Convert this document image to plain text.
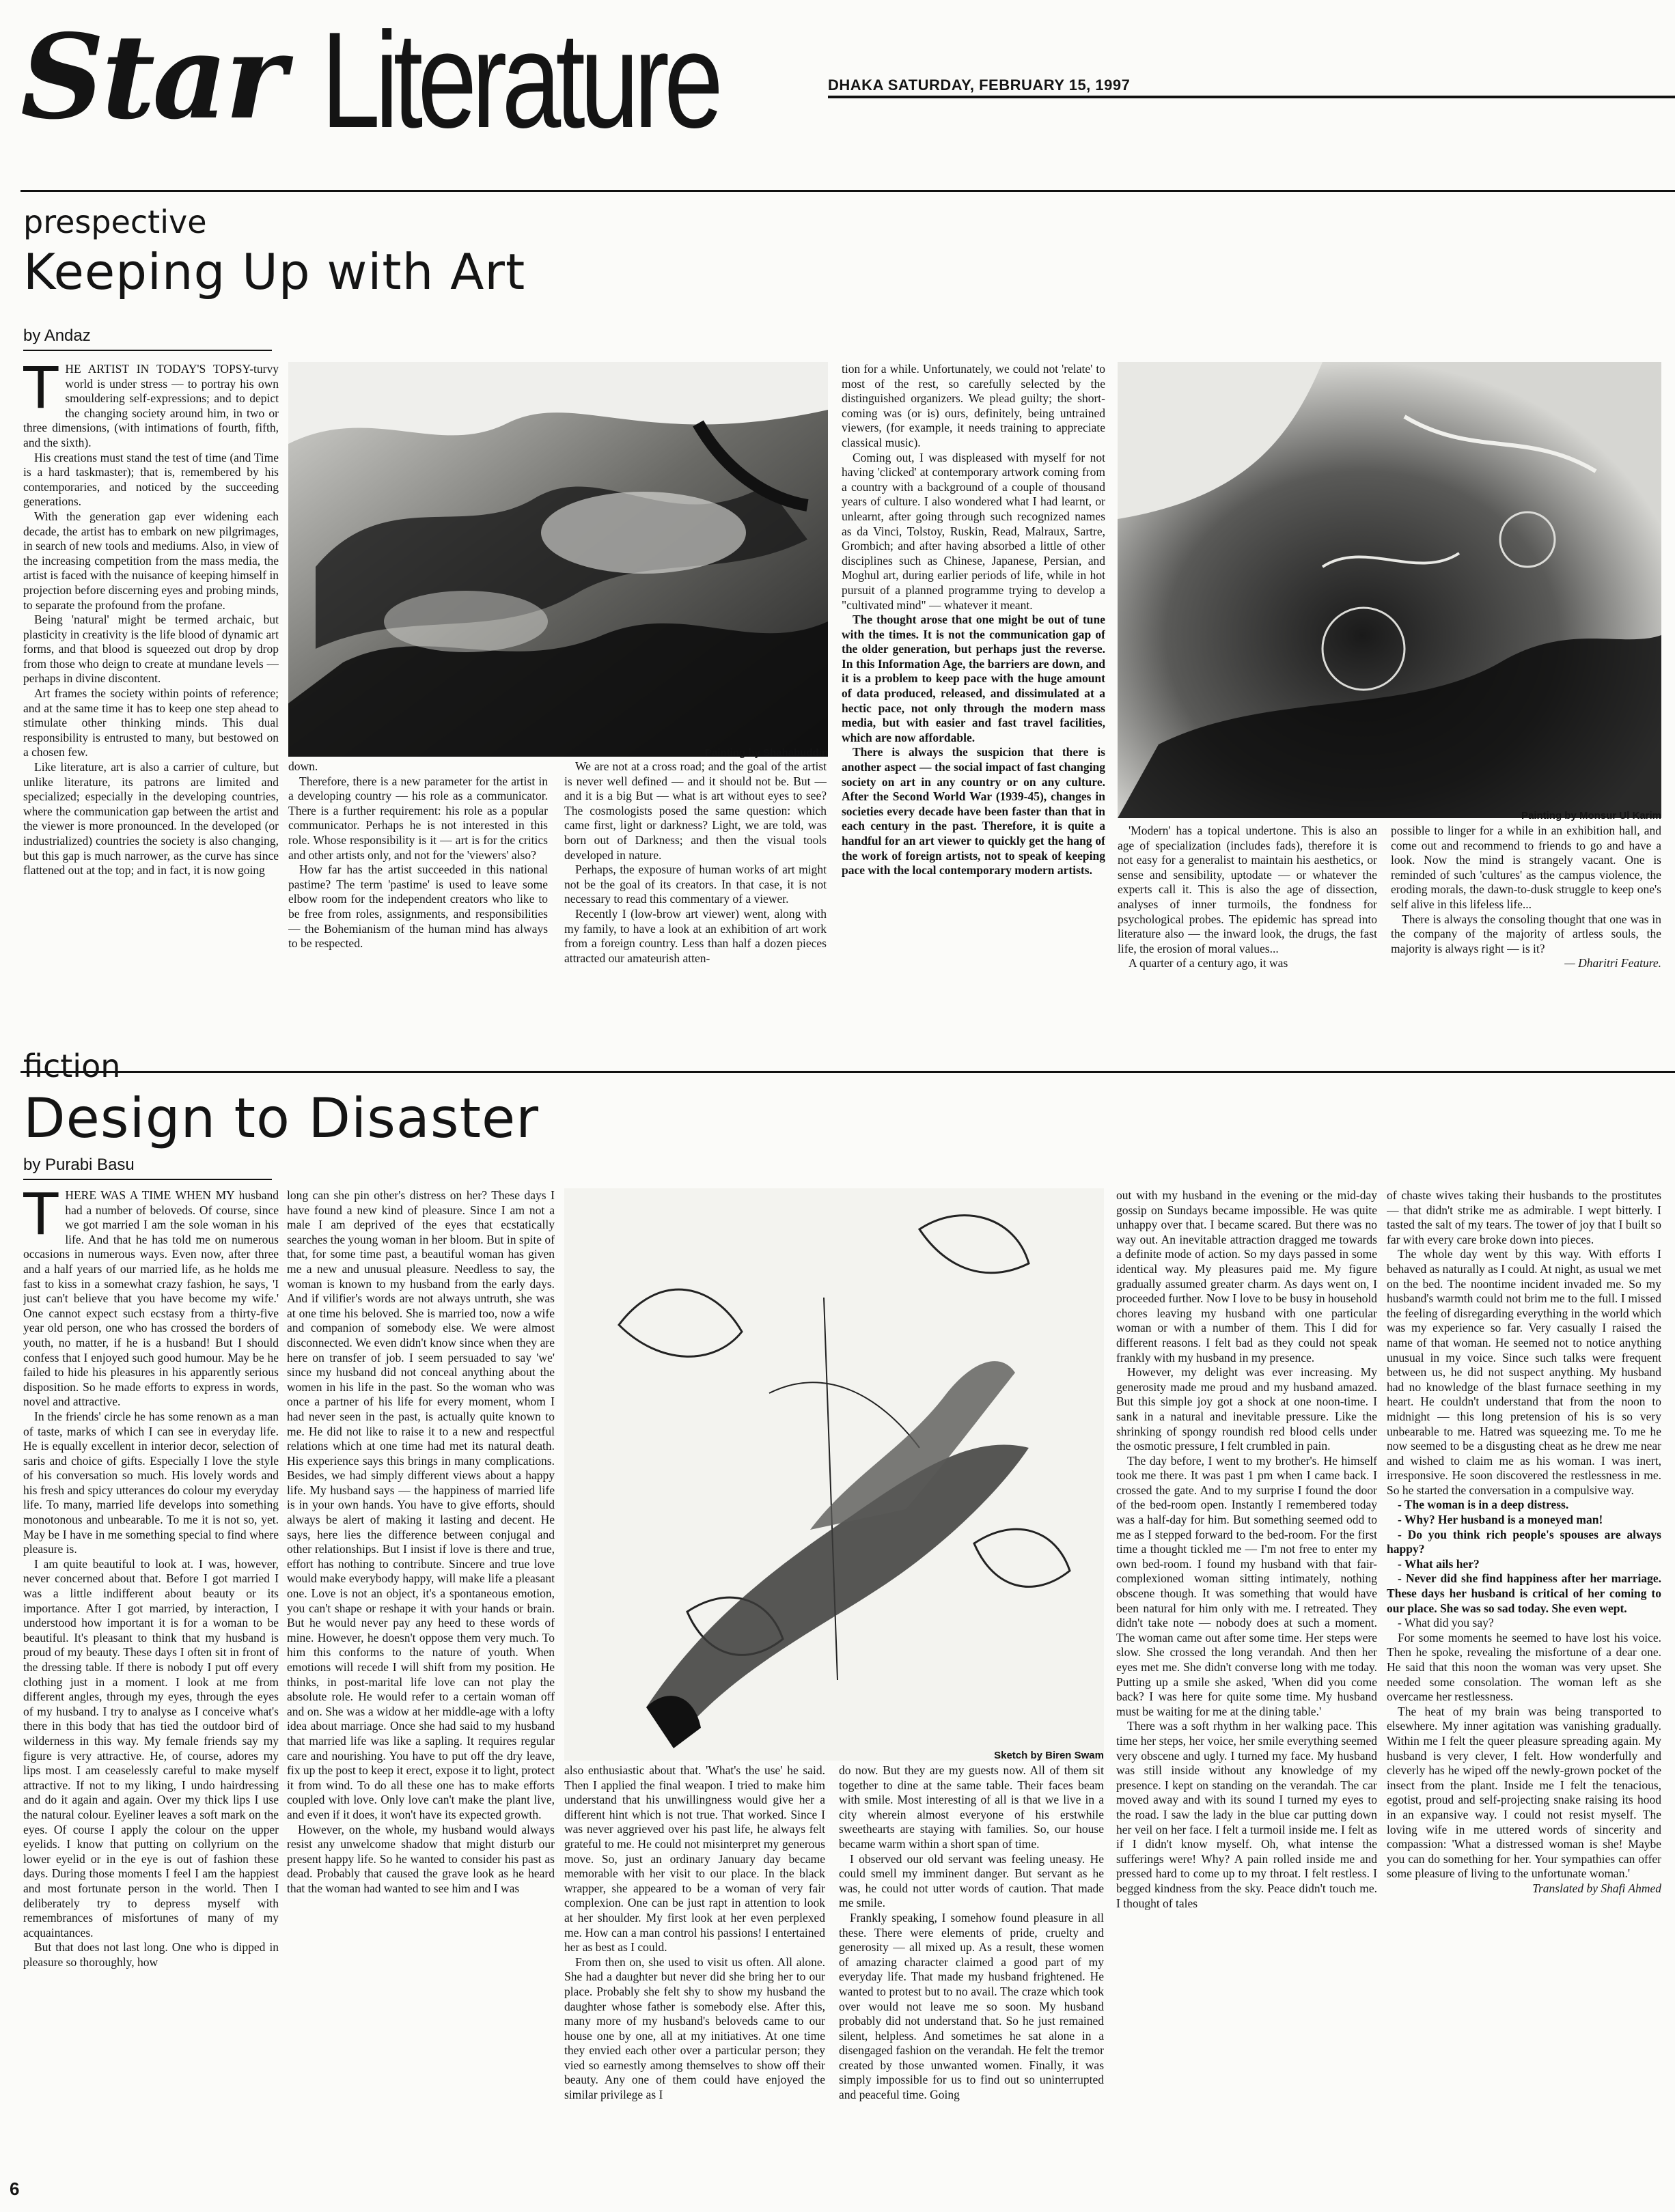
Star Literature	DHAKA SATURDAY, FEBRUARY 15, 1997
prespective
Keeping Up with Art
by Andaz
T HE ARTIST IN TODAY'S TOPSY-turvy world is under stress — to portray his own smouldering self-expressions; and to depict the changing society around him, in two or three dimensions, (with intimations of fourth, fifth, and the sixth).

His creations must stand the test of time (and Time is a hard taskmaster); that is, remembered by his contemporaries, and noticed by the succeeding generations.

With the generation gap ever widening each decade, the artist has to embark on new pilgrimages, in search of new tools and mediums. Also, in view of the increasing competition from the mass media, the artist is faced with the nuisance of keeping himself in projection before discerning eyes and probing minds, to separate the profound from the profane.

Being 'natural' might be termed archaic, but plasticity in creativity is the life blood of dynamic art forms, and that blood is squeezed out drop by drop from those who deign to create at mundane levels — perhaps in divine discontent.

Art frames the society within points of reference; and at the same time it has to keep one step ahead to stimulate other thinking minds. This dual responsibility is entrusted to many, but bestowed on a chosen few.

Like literature, art is also a carrier of culture, but unlike literature, its patrons are limited and specialized; especially in the developing countries, where the communication gap between the artist and the viewer is more pronounced. In the developed (or industrialized) countries the society is also changing, but this gap is much narrower, as the curve has since flattened out at the top; and in fact, it is now going

Painting by Shahabuddin

down.

Therefore, there is a new parameter for the artist in a developing country — his role as a communicator. There is a further requirement: his role as a popular communicator. Perhaps he is not interested in this role. Whose responsibility is it — art is for the critics and other artists only, and not for the 'viewers' also?

How far has the artist succeeded in this national pastime? The term 'pastime' is used to leave some elbow room for the independent creators who like to be free from roles, assignments, and responsibilities — the Bohemianism of the human mind has always to be respected.

We are not at a cross road; and the goal of the artist is never well defined — and it should not be. But — and it is a big But — what is art without eyes to see? The cosmologists posed the same question: which came first, light or darkness? Light, we are told, was born out of Darkness; and then the visual tools developed in nature.

Perhaps, the exposure of human works of art might not be the goal of its creators. In that case, it is not necessary to read this commentary of a viewer.

Recently I (low-brow art viewer) went, along with my family, to have a look at an exhibition of art work from a foreign country. Less than half a dozen pieces attracted our amateurish atten-

tion for a while. Unfortunately, we could not 'relate' to most of the rest, so carefully selected by the distinguished organizers. We plead guilty; the short-coming was (or is) ours, definitely, being untrained viewers, (for example, it needs training to appreciate classical music).

Coming out, I was displeased with myself for not having 'clicked' at contemporary artwork coming from a country with a background of a couple of thousand years of culture. I also wondered what I had learnt, or unlearnt, after going through such recognized names as da Vinci, Tolstoy, Ruskin, Read, Malraux, Sartre, Grombich; and after having absorbed a little of other disciplines such as Chinese, Japanese, Persian, and Moghul art, during earlier periods of life, while in hot pursuit of a planned programme trying to develop a "cultivated mind" — whatever it meant.

The thought arose that one might be out of tune with the times. It is not the communication gap of the older generation, but perhaps just the reverse. In this Information Age, the barriers are down, and it is a problem to keep pace with the huge amount of data produced, released, and dissimulated at a hectic pace, not only through the modern mass media, but with easier and fast travel facilities, which are now affordable.

There is always the suspicion that there is another aspect — the social impact of fast changing society on art in any country or on any culture. After the Second World War (1939-45), changes in societies every decade have been faster than that in each century in the past. Therefore, it is quite a handful for an art viewer to quickly get the hang of the work of foreign artists, not to speak of keeping pace with the local contemporary modern artists.

Painting by Monsur Ul Karim

'Modern' has a topical undertone. This is also an age of specialization (includes fads), therefore it is not easy for a generalist to maintain his aesthetics, or sense and sensibility, uptodate — or whatever the experts call it. This is also the age of dissection, analyses of inner turmoils, the fondness for psychological probes. The epidemic has spread into literature also — the inward look, the drugs, the fast life, the erosion of moral values...

A quarter of a century ago, it was

possible to linger for a while in an exhibition hall, and come out and recommend to friends to go and have a look. Now the mind is strangely vacant. One is reminded of such 'cultures' as the campus violence, the eroding morals, the dawn-to-dusk struggle to keep one's self alive in this lifeless life...

There is always the consoling thought that one was in the company of the majority of artless souls, the majority is always right — is it?

— Dharitri Feature.

fiction
Design to Disaster
by Purabi Basu
T HERE WAS A TIME WHEN MY husband had a number of beloveds. Of course, since we got married I am the sole woman in his life. And that he has told me on numerous occasions in numerous ways. Even now, after three and a half years of our married life, as he holds me fast to kiss in a somewhat crazy fashion, he says, 'I just can't believe that you have become my wife.' One cannot expect such ecstasy from a thirty-five year old person, one who has crossed the borders of youth, no matter, if he is a husband! But I should confess that I enjoyed such good humour. May be he failed to hide his pleasures in his apparently serious disposition. So he made efforts to express in words, novel and attractive.

In the friends' circle he has some renown as a man of taste, marks of which I can see in everyday life. He is equally excellent in interior decor, selection of saris and choice of gifts. Especially I love the style of his conversation so much. His lovely words and his fresh and spicy utterances do colour my everyday life. To many, married life develops into something monotonous and unbearable. To me it is not so, yet. May be I have in me something special to find where pleasure is.

I am quite beautiful to look at. I was, however, never concerned about that. Before I got married I was a little indifferent about beauty or its importance. After I got married, by interaction, I understood how important it is for a woman to be beautiful. It's pleasant to think that my husband is proud of my beauty. These days I often sit in front of the dressing table. If there is nobody I put off every clothing just in a moment. I look at me from different angles, through my eyes, through the eyes of my husband. I try to analyse as I conceive what's there in this body that has tied the outdoor bird of wilderness in this way. My female friends say my figure is very attractive. He, of course, adores my lips most. I am ceaselessly careful to make myself attractive. If not to my liking, I undo hairdressing and do it again and again. Over my thick lips I use the natural colour. Eyeliner leaves a soft mark on the eyes. Of course I apply the colour on the upper eyelids. I know that putting on collyrium on the lower eyelid or in the eye is out of fashion these days. During those moments I feel I am the happiest and most fortunate person in the world. Then I deliberately try to depress myself with remembrances of misfortunes of many of my acquaintances.

But that does not last long. One who is dipped in pleasure so thoroughly, how

long can she pin other's distress on her? These days I have found a new kind of pleasure. Since I am not a male I am deprived of the eyes that ecstatically searches the young woman in her bloom. But in spite of that, for some time past, a beautiful woman has given me a new and unusual pleasure. Needless to say, the woman is known to my husband from the early days. And if vilifier's words are not always untruth, she was at one time his beloved. She is married too, now a wife and companion of somebody else. We were almost disconnected. We even didn't know since when they are here on transfer of job. I seem persuaded to say 'we' since my husband did not conceal anything about the women in his life in the past. So the woman who was once a partner of his life for every moment, whom I had never seen in the past, is actually quite known to me. He did not like to raise it to a new and respectful relations which at one time had met its natural death. His experience says this brings in many complications. Besides, we had simply different views about a happy life. My husband says — the happiness of married life is in your own hands. You have to give efforts, should always be alert of making it lasting and decent. He says, here lies the difference between conjugal and other relationships. But I insist if love is there and true, effort has nothing to contribute. Sincere and true love would make everybody happy, will make life a pleasant one. Love is not an object, it's a spontaneous emotion, you can't shape or reshape it with your hands or brain. But he would never pay any heed to these words of mine. However, he doesn't oppose them very much. To him this conforms to the nature of youth. When emotions will recede I will shift from my position. He thinks, in post-marital life love can not play the absolute role. He would refer to a certain woman off and on. She was a widow at her middle-age with a lofty idea about marriage. Once she had said to my husband that married life was like a sapling. It requires regular care and nourishing. You have to put off the dry leave, fix up the post to keep it erect, expose it to light, protect it from wind. To do all these one has to make efforts coupled with love. Only love can't make the plant live, and even if it does, it won't have its expected growth.

However, on the whole, my husband would always resist any unwelcome shadow that might disturb our present happy life. So he wanted to consider his past as dead. Probably that caused the grave look as he heard that the woman had wanted to see him and I was

Sketch by Biren Swam

also enthusiastic about that. 'What's the use' he said. Then I applied the final weapon. I tried to make him understand that his unwillingness would give her a different hint which is not true. That worked. Since I was never aggrieved over his past life, he always felt grateful to me. He could not misinterpret my generous move. So, just an ordinary January day became memorable with her visit to our place. In the black wrapper, she appeared to be a woman of very fair complexion. One can be just rapt in attention to look at her shoulder. My first look at her even perplexed me. How can a man control his passions! I entertained her as best as I could.

From then on, she used to visit us often. All alone. She had a daughter but never did she bring her to our place. Probably she felt shy to show my husband the daughter whose father is somebody else. After this, many more of my husband's beloveds came to our house one by one, all at my initiatives. At one time they envied each other over a particular person; they vied so earnestly among themselves to show off their beauty. Any one of them could have enjoyed the similar privilege as I

do now. But they are my guests now. All of them sit together to dine at the same table. Their faces beam with smile. Most interesting of all is that we live in a city wherein almost everyone of his erstwhile sweethearts are staying with families. So, our house became warm within a short span of time.

I observed our old servant was feeling uneasy. He could smell my imminent danger. But servant as he was, he could not utter words of caution. That made me smile.

Frankly speaking, I somehow found pleasure in all these. There were elements of pride, cruelty and generosity — all mixed up. As a result, these women of amazing character claimed a good part of my everyday life. That made my husband frightened. He wanted to protest but to no avail. The craze which took over would not leave me so soon. My husband probably did not understand that. So he just remained silent, helpless. And sometimes he sat alone in a disengaged fashion on the verandah. He felt the tremor created by those unwanted women. Finally, it was simply impossible for us to find out so uninterrupted and peaceful time. Going

out with my husband in the evening or the mid-day gossip on Sundays became impossible. He was quite unhappy over that. I became scared. But there was no way out. An inevitable attraction dragged me towards a definite mode of action. So my days passed in some identical way. My pleasures paid me. My figure gradually assumed greater charm. As days went on, I proceeded further. Now I love to be busy in household chores leaving my husband with one particular woman or with a number of them. This I did for different reasons. I felt bad as they could not speak frankly with my husband in my presence.

However, my delight was ever increasing. My generosity made me proud and my husband amazed. But this simple joy got a shock at one noon-time. I sank in a natural and inevitable pressure. Like the shrinking of spongy roundish red blood cells under the osmotic pressure, I felt crumbled in pain.

The day before, I went to my brother's. He himself took me there. It was past 1 pm when I came back. I crossed the gate. And to my surprise I found the door of the bed-room open. Instantly I remembered today was a half-day for him. But something seemed odd to me as I stepped forward to the bed-room. For the first time a thought tickled me — I'm not free to enter my own bed-room. I found my husband with that fair-complexioned woman sitting intimately, nothing obscene though. It was something that would have been natural for him only with me. I retreated. They didn't take note — nobody does at such a moment. The woman came out after some time. Her steps were slow. She crossed the long verandah. And then her eyes met me. She didn't converse long with me today. Putting up a smile she asked, 'When did you come back? I was here for quite some time. My husband must be waiting for me at the dining table.'

There was a soft rhythm in her walking pace. This time her steps, her voice, her smile everything seemed very obscene and ugly. I turned my face. My husband was still inside without any knowledge of my presence. I kept on standing on the verandah. The car moved away and with its sound I turned my eyes to the road. I saw the lady in the blue car putting down her veil on her face. I felt a turmoil inside me. I felt as if I didn't know myself. Oh, what intense the sufferings were! Why? A pain rolled inside me and pressed hard to come up to my throat. I felt restless. I begged kindness from the sky. Peace didn't touch me. I thought of tales

of chaste wives taking their husbands to the prostitutes — that didn't strike me as admirable. I wept bitterly. I tasted the salt of my tears. The tower of joy that I built so far with every care broke down into pieces.

The whole day went by this way. With efforts I behaved as naturally as I could. At night, as usual we met on the bed. The noontime incident invaded me. So my husband's warmth could not brim me to the full. I missed the feeling of disregarding everything in the world which was my experience so far. Very casually I raised the name of that woman. He seemed not to notice anything unusual in my voice. Since such talks were frequent between us, he did not suspect anything. My husband had no knowledge of the blast furnace seething in my heart. He couldn't understand that from the noon to midnight — this long pretension of his is so very unbearable to me. Hatred was squeezing me. To me he now seemed to be a disgusting cheat as he drew me near and wished to claim me as his woman. I was inert, irresponsive. He soon discovered the restlessness in me. So he started the conversation in a compulsive way.

- The woman is in a deep distress.

- Why? Her husband is a moneyed man!

- Do you think rich people's spouses are always happy?

- What ails her?

- Never did she find happiness after her marriage. These days her husband is critical of her coming to our place. She was so sad today. She even wept.

- What did you say?

For some moments he seemed to have lost his voice. Then he spoke, revealing the misfortune of a dear one. He said that this noon the woman was very upset. She needed some consolation. The woman left as she overcame her restlessness.

The heat of my brain was being transported to elsewhere. My inner agitation was vanishing gradually. Within me I felt the queer pleasure spreading again. My husband is very clever, I felt. How wonderfully and cleverly has he wiped off the newly-grown pocket of the insect from the plant. Inside me I felt the tenacious, egotist, proud and self-projecting snake raising its hood in an expansive way. I could not resist myself. The loving wife in me uttered words of sincerity and compassion: 'What a distressed woman is she! Maybe you can do something for her. Your sympathies can offer some pleasure of living to the unfortunate woman.'

Translated by Shafi Ahmed

6
